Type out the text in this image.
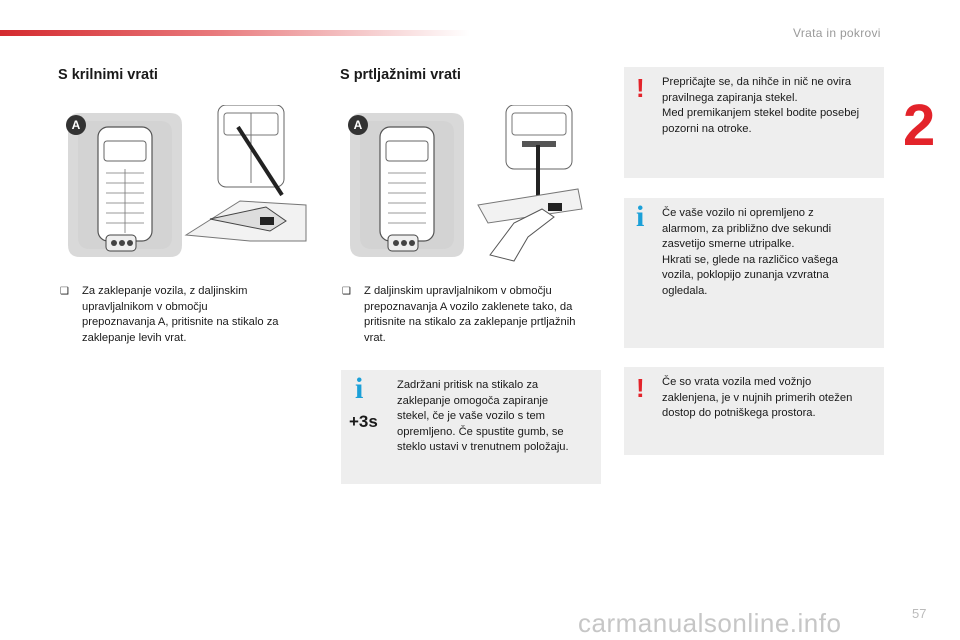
Vrata in pokrovi
2
S krilnimi vrati
A
❑ Za zaklepanje vozila, z daljinskim
upravljalnikom v območju
prepoznavanja A, pritisnite na stikalo za
zaklepanje levih vrat.
S prtljažnimi vrati
A
❑ Z daljinskim upravljalnikom v območju
prepoznavanja A vozilo zaklenete tako, da
pritisnite na stikalo za zaklepanje prtljažnih
vrat.
i
+3s
Zadržani pritisk na stikalo za
zaklepanje omogoča zapiranje
stekel, če je vaše vozilo s tem
opremljeno. Če spustite gumb, se
steklo ustavi v trenutnem položaju.
! Prepričajte se, da nihče in nič ne ovira
pravilnega zapiranja stekel.
Med premikanjem stekel bodite posebej
pozorni na otroke.
i Če vaše vozilo ni opremljeno z
alarmom, za približno dve sekundi
zasvetijo smerne utripalke.
Hkrati se, glede na različico vašega
vozila, poklopijo zunanja vzvratna
ogledala.
! Če so vrata vozila med vožnjo
zaklenjena, je v nujnih primerih otežen
dostop do potniškega prostora.
carmanualsonline.info	57
